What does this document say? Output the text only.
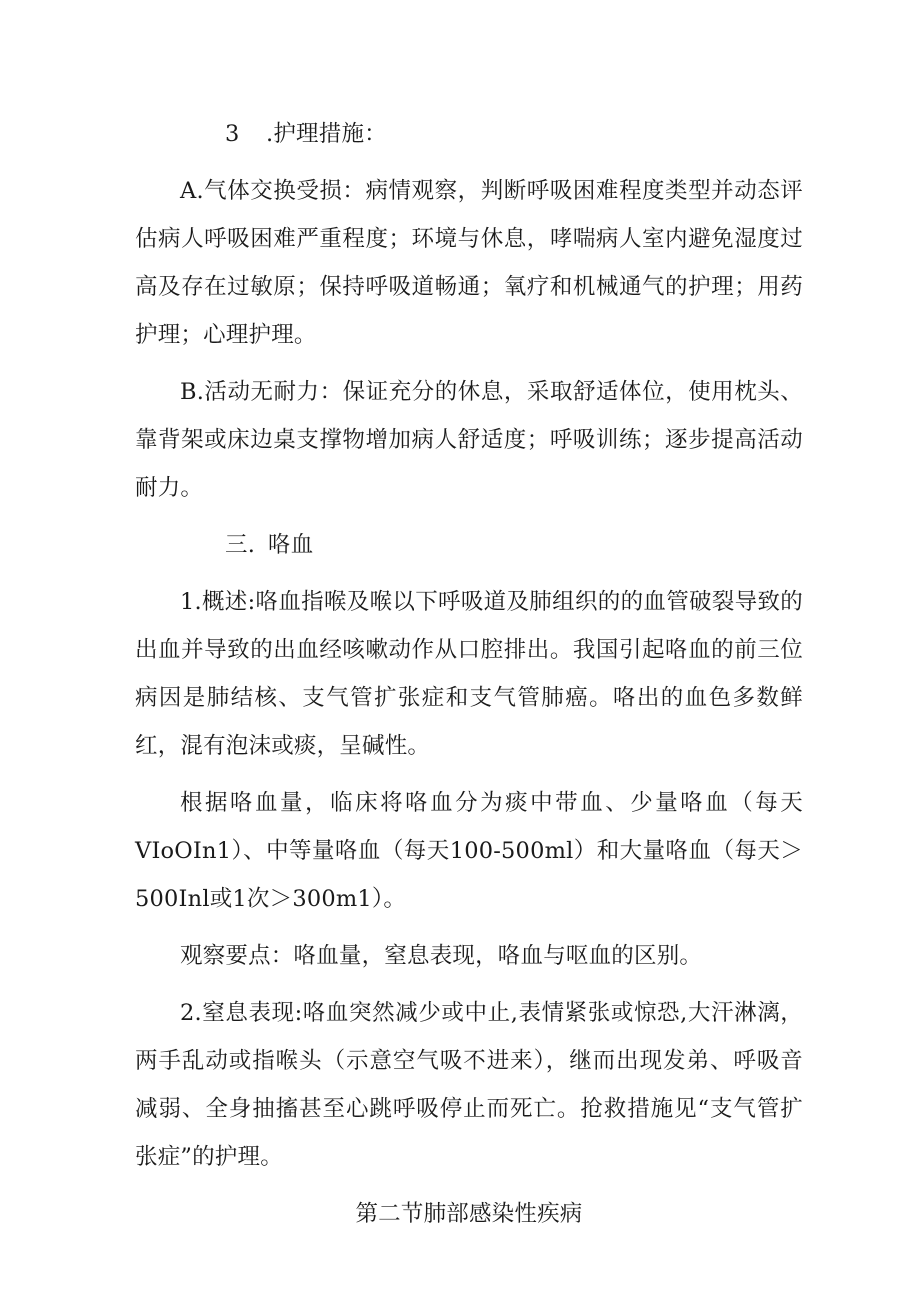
3 .护理措施：

A.气体交换受损：病情观察，判断呼吸困难程度类型并动态评估病人呼吸困难严重程度；环境与休息，哮喘病人室内避免湿度过高及存在过敏原；保持呼吸道畅通；氧疗和机械通气的护理；用药护理；心理护理。

B.活动无耐力：保证充分的休息，采取舒适体位，使用枕头、靠背架或床边桌支撑物增加病人舒适度；呼吸训练；逐步提高活动耐力。

三. 咯血

1.概述:咯血指喉及喉以下呼吸道及肺组织的的血管破裂导致的出血并导致的出血经咳嗽动作从口腔排出。我国引起咯血的前三位病因是肺结核、支气管扩张症和支气管肺癌。咯出的血色多数鲜红，混有泡沫或痰，呈碱性。

根据咯血量，临床将咯血分为痰中带血、少量咯血（每天VIoOIn1）、中等量咯血（每天100-500ml）和大量咯血（每天＞500Inl或1次＞300m1）。

观察要点：咯血量，窒息表现，咯血与呕血的区别。

2.窒息表现:咯血突然减少或中止,表情紧张或惊恐,大汗淋漓，两手乱动或指喉头（示意空气吸不进来），继而出现发弟、呼吸音减弱、全身抽搐甚至心跳呼吸停止而死亡。抢救措施见“支气管扩张症”的护理。

第二节肺部感染性疾病
